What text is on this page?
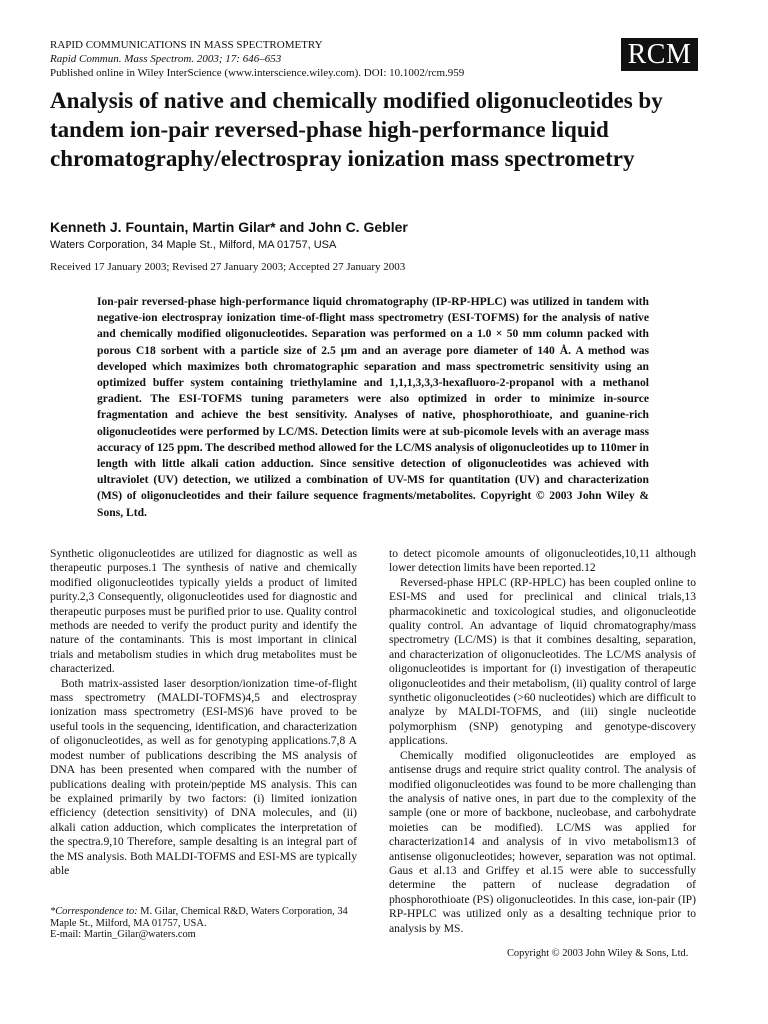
RAPID COMMUNICATIONS IN MASS SPECTROMETRY
Rapid Commun. Mass Spectrom. 2003; 17: 646–653
Published online in Wiley InterScience (www.interscience.wiley.com). DOI: 10.1002/rcm.959
RCM
Analysis of native and chemically modified oligonucleotides by tandem ion-pair reversed-phase high-performance liquid chromatography/electrospray ionization mass spectrometry
Kenneth J. Fountain, Martin Gilar* and John C. Gebler
Waters Corporation, 34 Maple St., Milford, MA 01757, USA
Received 17 January 2003; Revised 27 January 2003; Accepted 27 January 2003
Ion-pair reversed-phase high-performance liquid chromatography (IP-RP-HPLC) was utilized in tandem with negative-ion electrospray ionization time-of-flight mass spectrometry (ESI-TOFMS) for the analysis of native and chemically modified oligonucleotides. Separation was performed on a 1.0 × 50 mm column packed with porous C18 sorbent with a particle size of 2.5 μm and an average pore diameter of 140 Å. A method was developed which maximizes both chromatographic separation and mass spectrometric sensitivity using an optimized buffer system containing triethylamine and 1,1,1,3,3,3-hexafluoro-2-propanol with a methanol gradient. The ESI-TOFMS tuning parameters were also optimized in order to minimize in-source fragmentation and achieve the best sensitivity. Analyses of native, phosphorothioate, and guanine-rich oligonucleotides were performed by LC/MS. Detection limits were at sub-picomole levels with an average mass accuracy of 125 ppm. The described method allowed for the LC/MS analysis of oligonucleotides up to 110mer in length with little alkali cation adduction. Since sensitive detection of oligonucleotides was achieved with ultraviolet (UV) detection, we utilized a combination of UV-MS for quantitation (UV) and characterization (MS) of oligonucleotides and their failure sequence fragments/metabolites. Copyright © 2003 John Wiley & Sons, Ltd.

Synthetic oligonucleotides are utilized for diagnostic as well as therapeutic purposes.1 The synthesis of native and chemically modified oligonucleotides typically yields a product of limited purity.2,3 Consequently, oligonucleotides used for diagnostic and therapeutic purposes must be purified prior to use. Quality control methods are needed to verify the product purity and identify the nature of the contaminants. This is most important in clinical trials and metabolism studies in which drug metabolites must be characterized.

Both matrix-assisted laser desorption/ionization time-of-flight mass spectrometry (MALDI-TOFMS)4,5 and electrospray ionization mass spectrometry (ESI-MS)6 have proved to be useful tools in the sequencing, identification, and characterization of oligonucleotides, as well as for genotyping applications.7,8 A modest number of publications describing the MS analysis of DNA has been presented when compared with the number of publications dealing with protein/peptide MS analysis. This can be explained primarily by two factors: (i) limited ionization efficiency (detection sensitivity) of DNA molecules, and (ii) alkali cation adduction, which complicates the interpretation of the spectra.9,10 Therefore, sample desalting is an integral part of the MS analysis. Both MALDI-TOFMS and ESI-MS are typically able

to detect picomole amounts of oligonucleotides,10,11 although lower detection limits have been reported.12

Reversed-phase HPLC (RP-HPLC) has been coupled online to ESI-MS and used for preclinical and clinical trials,13 pharmacokinetic and toxicological studies, and oligonucleotide quality control. An advantage of liquid chromatography/mass spectrometry (LC/MS) is that it combines desalting, separation, and characterization of oligonucleotides. The LC/MS analysis of oligonucleotides is important for (i) investigation of therapeutic oligonucleotides and their metabolism, (ii) quality control of large synthetic oligonucleotides (>60 nucleotides) which are difficult to analyze by MALDI-TOFMS, and (iii) single nucleotide polymorphism (SNP) genotyping and genotype-discovery applications.

Chemically modified oligonucleotides are employed as antisense drugs and require strict quality control. The analysis of modified oligonucleotides was found to be more challenging than the analysis of native ones, in part due to the complexity of the sample (one or more of backbone, nucleobase, and carbohydrate moieties can be modified). LC/MS was applied for characterization14 and analysis of in vivo metabolism13 of antisense oligonucleotides; however, separation was not optimal. Gaus et al.13 and Griffey et al.15 were able to successfully determine the pattern of nuclease degradation of phosphorothioate (PS) oligonucleotides. In this case, ion-pair (IP) RP-HPLC was utilized only as a desalting technique prior to analysis by MS.

*Correspondence to: M. Gilar, Chemical R&D, Waters Corporation, 34 Maple St., Milford, MA 01757, USA.
E-mail: Martin_Gilar@waters.com
Copyright © 2003 John Wiley & Sons, Ltd.
